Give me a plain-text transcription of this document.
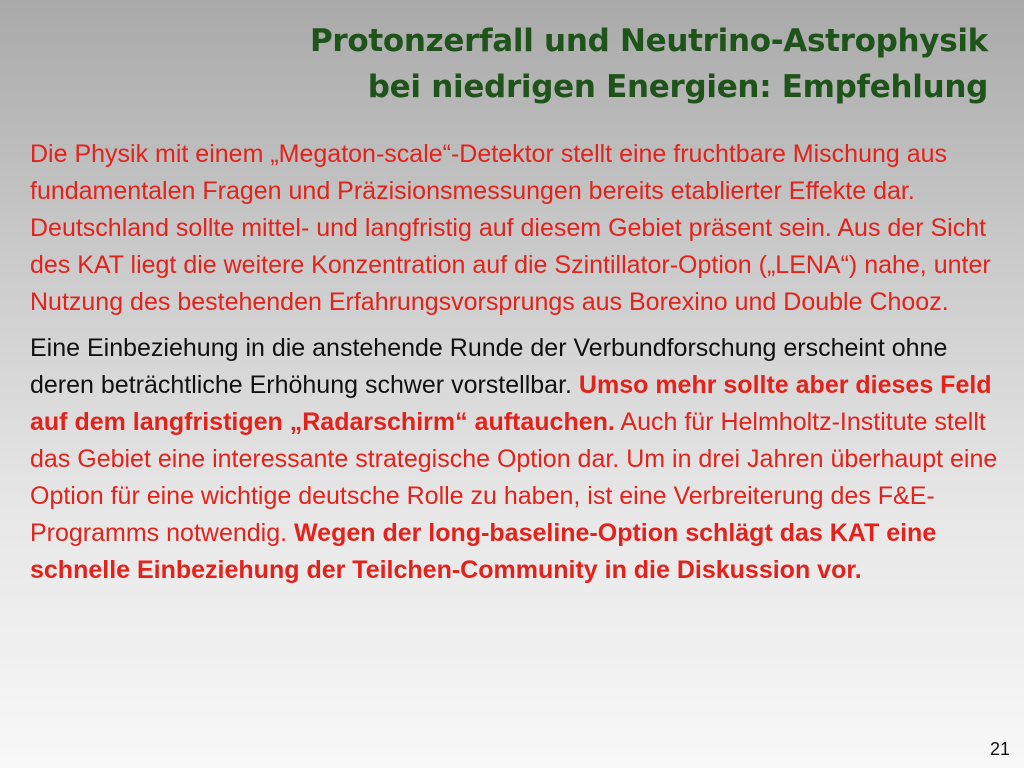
Protonzerfall und Neutrino-Astrophysik
bei niedrigen Energien: Empfehlung

Die Physik mit einem „Megaton-scale“-Detektor stellt eine fruchtbare Mischung aus fundamentalen Fragen und Präzisionsmessungen bereits etablierter Effekte dar. Deutschland sollte mittel- und langfristig auf diesem Gebiet präsent sein. Aus der Sicht des KAT liegt die weitere Konzentration auf die Szintillator-Option („LENA“) nahe, unter Nutzung des bestehenden Erfahrungsvorsprungs aus Borexino und Double Chooz.

Eine Einbeziehung in die anstehende Runde der Verbundforschung erscheint ohne deren beträchtliche Erhöhung schwer vorstellbar. Umso mehr sollte aber dieses Feld auf dem langfristigen „Radarschirm“ auftauchen. Auch für Helmholtz-Institute stellt das Gebiet eine interessante strategische Option dar. Um in drei Jahren überhaupt eine Option für eine wichtige deutsche Rolle zu haben, ist eine Verbreiterung des F&E-Programms notwendig. Wegen der long-baseline-Option schlägt das KAT eine schnelle Einbeziehung der Teilchen-Community in die Diskussion vor.

21
